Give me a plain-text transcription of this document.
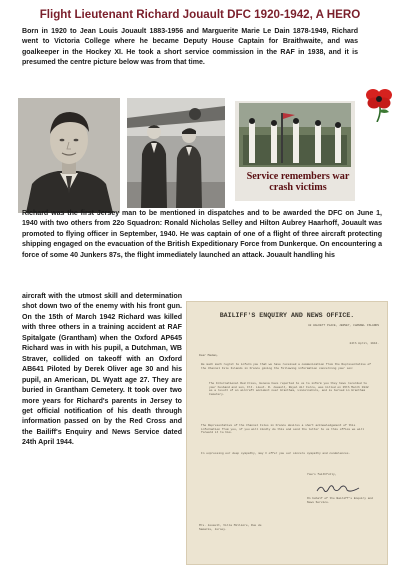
Flight Lieutenant Richard Jouault DFC 1920-1942, A HERO

Born in 1920 to Jean Louis Jouault 1883-1956 and Marguerite Marie Le Dain 1878-1949, Richard went to Victoria College where he became Deputy House Captain for Braithwaite, and was goalkeeper in the Hockey XI. He took a short service commission in the RAF in 1938, and it is presumed the centre picture below was from that time.

Service remembers war crash victims

Richard was the first Jersey man to be mentioned in dispatches and to be awarded the DFC on June 1, 1940 with two others from 22o Squadron: Ronald Nicholas Selley and Hilton Aubrey Haarhoff, Jouault was promoted to flying officer in September, 1940. He was captain of one of a flight of three aircraft protecting shipping engaged on the evacuation of the British Expeditionary Force from Dunkerque. On encountering a force of some 40 Junkers 87s, the flight immediately launched an attack. Jouault handling his

aircraft with the utmost skill and determination shot down two of the enemy with his front gun. On the 15th of March 1942 Richard was killed with three others in a training accident at RAF Spitalgate (Grantham) when the Oxford AP645 Richard was in with his pupil, a Dutchman, WB Straver, collided on takeoff with an Oxford AB641 Piloted by Derek Oliver age 30 and his pupil, an American, DL Wyatt age 27. They are buried in Grantham Cemetery. It took over two more years for Richard's parents in Jersey to get official notification of his death through information passed on by the Red Cross and the Bailiff's Enquiry and News Service dated 24th April 1944.

BAILIFF'S ENQUIRY AND NEWS OFFICE.
42 HALKETT PLACE, JERSEY, CHANNEL ISLANDS
24th April, 1944.
Dear Madam,
We much much regret to inform you that we have received a communication from the Representative of the Channel Isle Islands in France giving the following information concerning your son:
The International Red Cross, Geneva have reported to us to inform you they have recorded to your husband and son, Flt. Lieut. R. Jouault, Royal Air Force, was killed on 15th March 1942 as a result of an aircraft accident near Grantham, Lincolnshire, and is buried in Grantham Cemetery.
The Representative of the Channel Isles in France desires a short acknowledgement of this information from you, if you will kindly do this and send the letter to us this office we will forward it to him.
In expressing our deep sympathy, may I offer you our sincere sympathy and condolences.
Yours faithfully,
On behalf of the Bailiff's Enquiry and News Service.
Mrs. Jouault, Villa Millière, Rue de Samarès, Jersey.
